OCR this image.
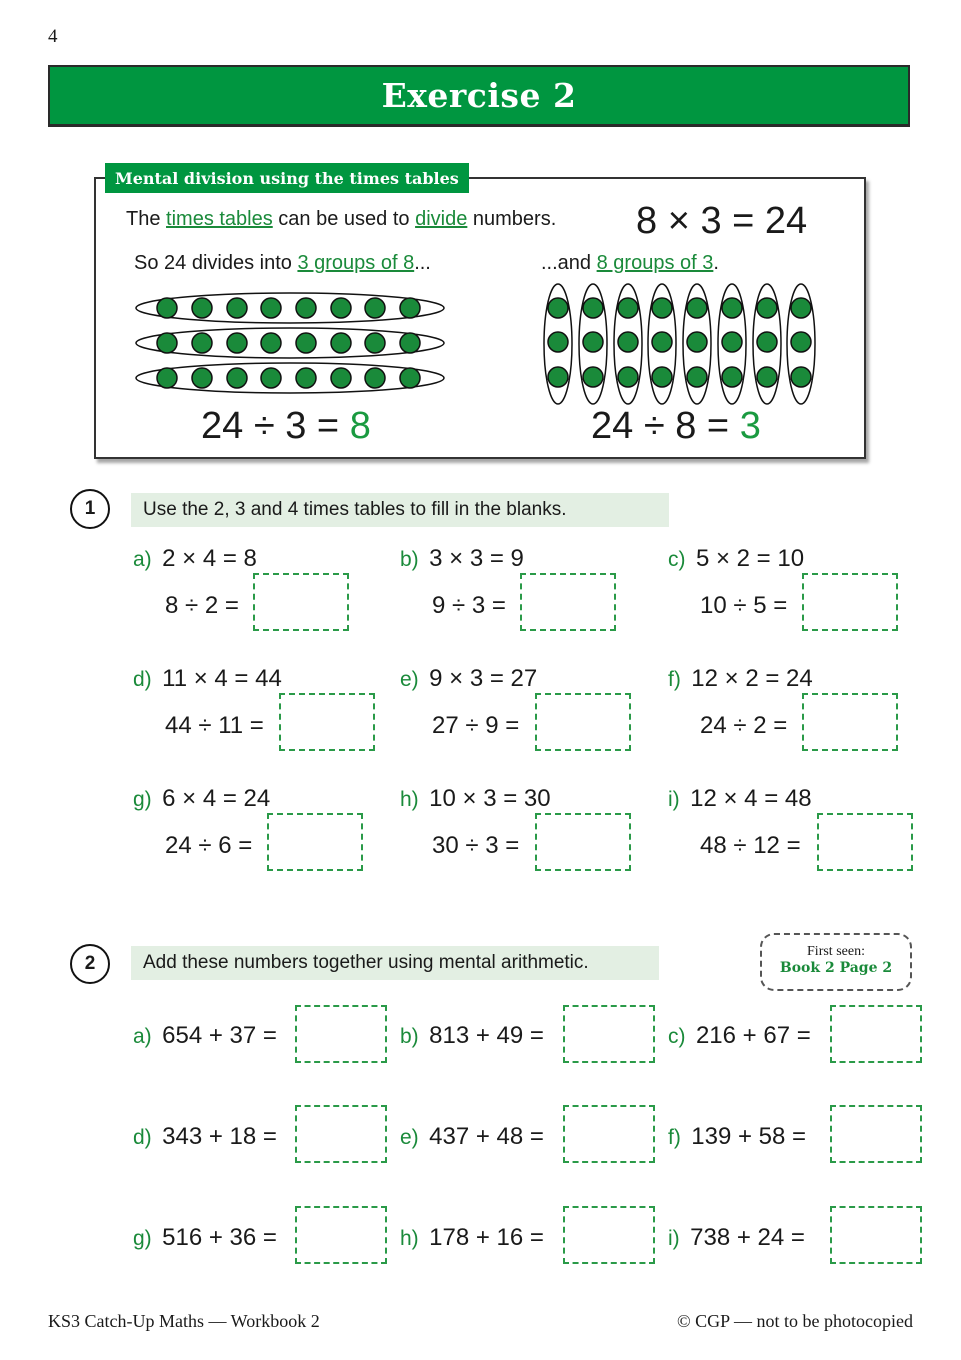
4
Exercise 2
Mental division using the times tables
The times tables can be used to divide numbers. 8 × 3 = 24
So 24 divides into 3 groups of 8...	...and 8 groups of 3.
24 ÷ 3 = 8	24 ÷ 8 = 3
1	Use the 2, 3 and 4 times tables to fill in the blanks.
a) 2 × 4 = 8
8 ÷ 2 =
b) 3 × 3 = 9
9 ÷ 3 =
c) 5 × 2 = 10
10 ÷ 5 =
d) 11 × 4 = 44
44 ÷ 11 =
e) 9 × 3 = 27
27 ÷ 9 =
f) 12 × 2 = 24
24 ÷ 2 =
g) 6 × 4 = 24
24 ÷ 6 =
h) 10 × 3 = 30
30 ÷ 3 =
i) 12 × 4 = 48
48 ÷ 12 =
2	Add these numbers together using mental arithmetic.
First seen:
Book 2 Page 2
a) 654 + 37 =	b) 813 + 49 =	c) 216 + 67 =
d) 343 + 18 =	e) 437 + 48 =	f) 139 + 58 =
g) 516 + 36 =	h) 178 + 16 =	i) 738 + 24 =
KS3 Catch-Up Maths — Workbook 2	© CGP — not to be photocopied
